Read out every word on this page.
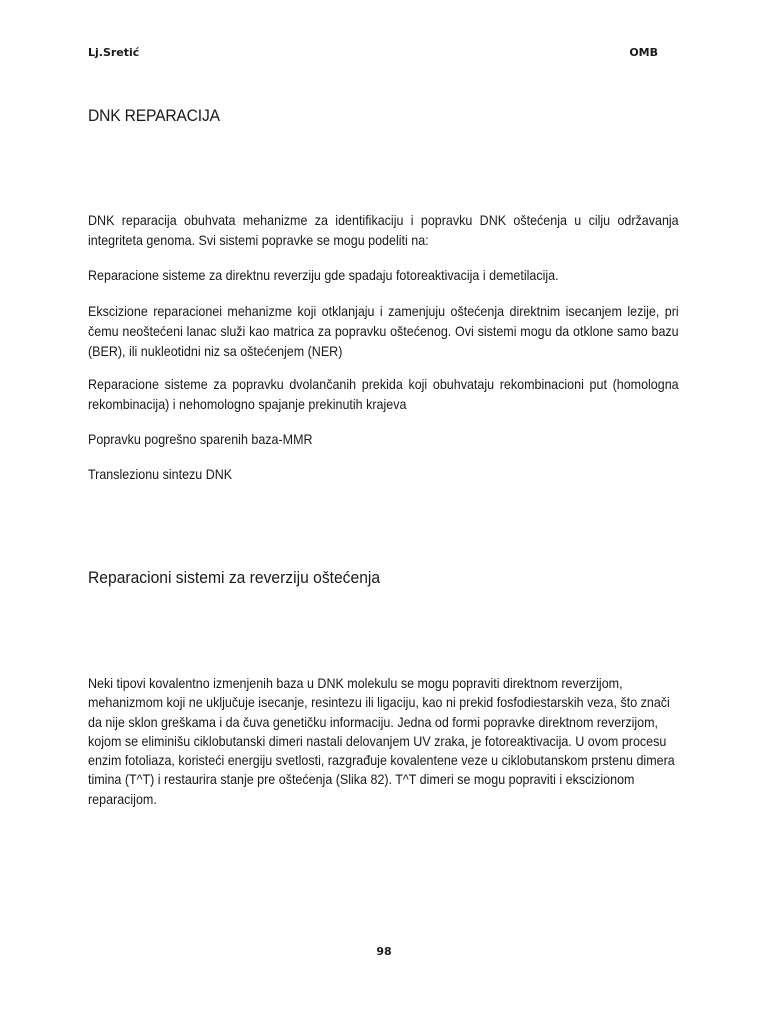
Lj.Sretić	OMB
DNK REPARACIJA

DNK reparacija obuhvata mehanizme za identifikaciju i popravku DNK oštećenja u cilju održavanja integriteta genoma. Svi sistemi popravke se mogu podeliti na:

Reparacione sisteme za direktnu reverziju gde spadaju fotoreaktivacija i demetilacija.

Ekscizione reparacionei mehanizme koji otklanjaju i zamenjuju oštećenja direktnim isecanjem lezije, pri čemu neoštećeni lanac služi kao matrica za popravku oštećenog. Ovi sistemi mogu da otklone samo bazu (BER), ili nukleotidni niz sa oštećenjem (NER)

Reparacione sisteme za popravku dvolančanih prekida koji obuhvataju rekombinacioni put (homologna rekombinacija) i nehomologno spajanje prekinutih krajeva

Popravku pogrešno sparenih baza-MMR

Translezionu sintezu DNK

Reparacioni sistemi za reverziju oštećenja

Neki tipovi kovalentno izmenjenih baza u DNK molekulu se mogu popraviti direktnom reverzijom, mehanizmom koji ne uključuje isecanje, resintezu ili ligaciju, kao ni prekid fosfodiestarskih veza, što znači da nije sklon greškama i da čuva genetičku informaciju. Jedna od formi popravke direktnom reverzijom, kojom se eliminišu ciklobutanski dimeri nastali delovanjem UV zraka, je fotoreaktivacija. U ovom procesu enzim fotoliaza, koristeći energiju svetlosti, razgrađuje kovalentene veze u ciklobutanskom prstenu dimera timina (T^T) i restaurira stanje pre oštećenja (Slika 82). T^T dimeri se mogu popraviti i ekscizionom reparacijom.

98
